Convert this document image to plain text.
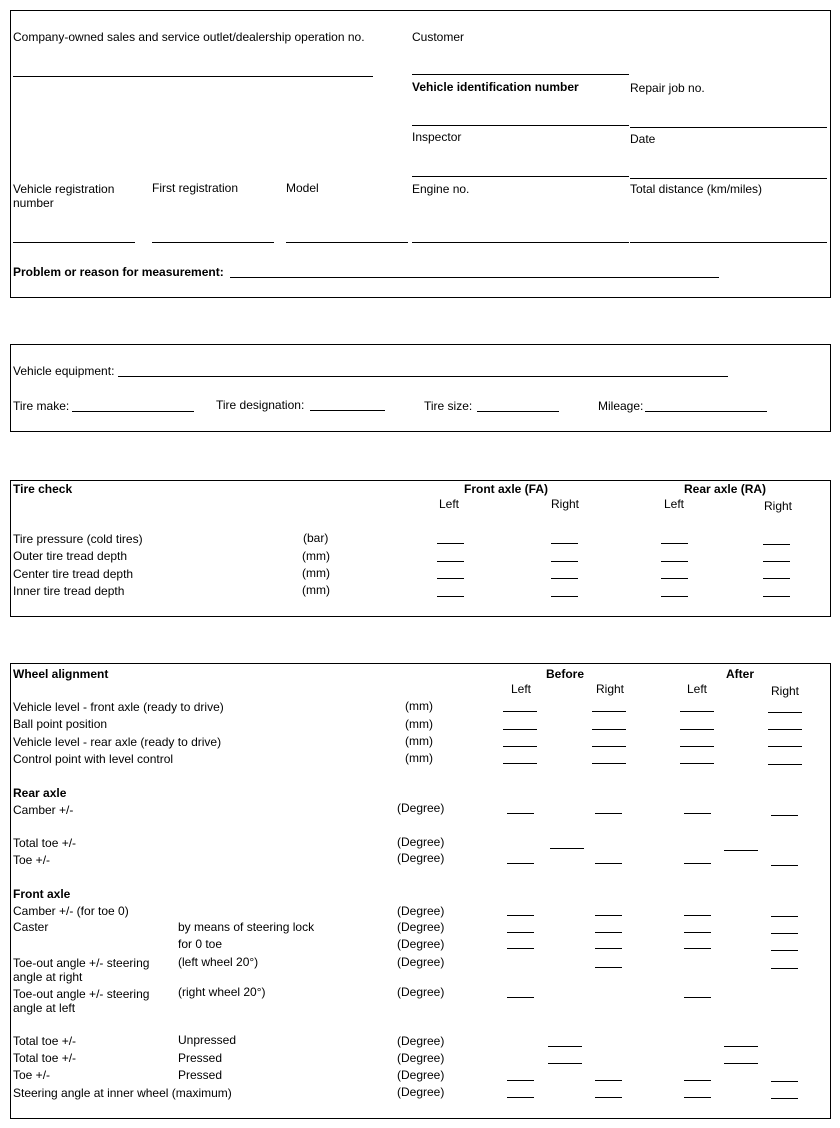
Company-owned sales and service outlet/dealership operation no.	Customer
Vehicle identification number	Repair job no.
Inspector	Date
Vehicle registration
number
First registration	Model	Engine no.	Total distance (km/miles)
Problem or reason for measurement:
Vehicle equipment:
Tire make:	Tire designation:	Tire size:	Mileage:
Tire check	Front axle (FA)	Rear axle (RA)
Left	Right	Left	Right
Tire pressure (cold tires)	(bar)
Outer tire tread depth	(mm)
Center tire tread depth	(mm)
Inner tire tread depth	(mm)
Wheel alignment	Before	After
Left	Right	Left	Right
Vehicle level - front axle (ready to drive)	(mm)
Ball point position	(mm)
Vehicle level - rear axle (ready to drive)	(mm)
Control point with level control	(mm)
Rear axle
Camber +/-	(Degree)
Total toe +/-	(Degree)
Toe +/-	(Degree)
Front axle
Camber +/- (for toe 0)	(Degree)
Caster	by means of steering lock	(Degree)
for 0 toe	(Degree)
Toe-out angle +/- steering
angle at right
(left wheel 20°)	(Degree)
Toe-out angle +/- steering
angle at left
(right wheel 20°)	(Degree)
Total toe +/-	Unpressed	(Degree)
Total toe +/-	Pressed	(Degree)
Toe +/-	Pressed	(Degree)
Steering angle at inner wheel (maximum)	(Degree)
